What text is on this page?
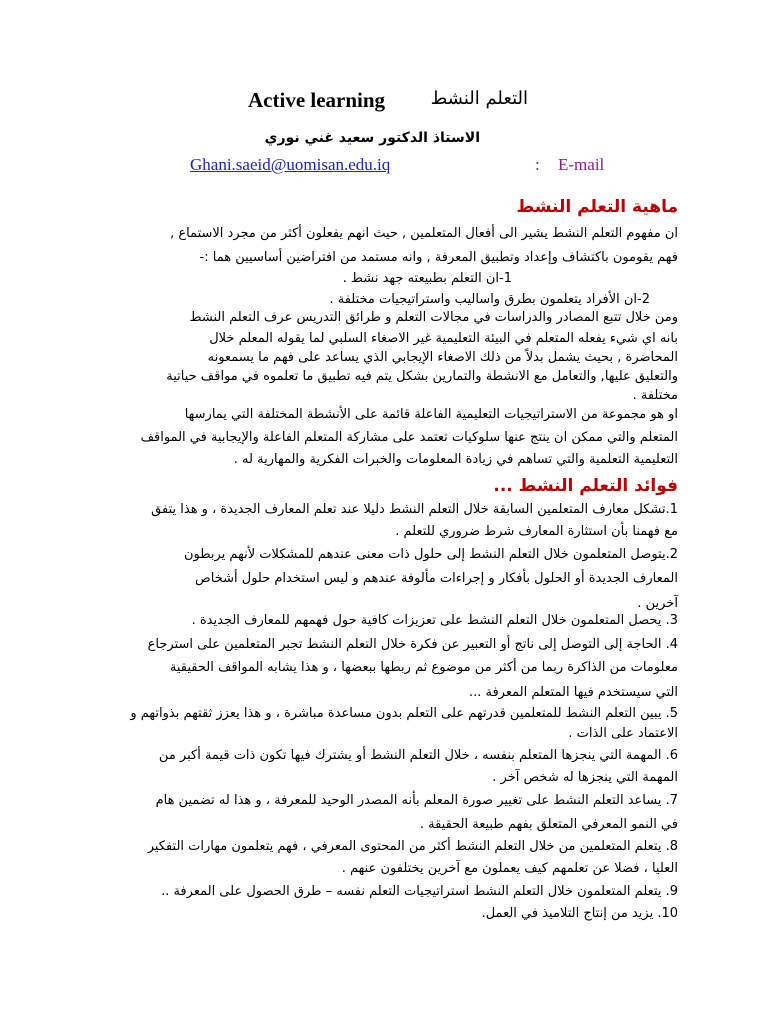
Active learning	التعلم النشط
الاستاذ الدكتور سعيد غني نوري
Ghani.saeid@uomisan.edu.iq	: E-mail
ماهية التعلم النشط
ان مفهوم التعلم النشط يشير الى أفعال المتعلمين , حيث انهم يفعلون أكثر من مجرد الاستماع ,
فهم يقومون باكتشاف وإعداد وتطبيق المعرفة , وانه مستمد من افتراضين أساسيين هما :-
1-ان التعلم بطبيعته جهد نشط .
2-ان الأفراد يتعلمون بطرق واساليب واستراتيجيات مختلفة .
ومن خلال تتبع المصادر والدراسات في مجالات التعلم و طرائق التدريس عرف التعلم النشط
بانه اي شيء يفعله المتعلم في البيئة التعليمية غير الاصغاء السلبي لما يقوله المعلم خلال
المحاضرة , بحيث يشمل بدلاً من ذلك الاصغاء الإيجابي الذي يساعد على فهم ما يسمعونه
والتعليق عليها, والتعامل مع الانشطة والتمارين بشكل يتم فيه تطبيق ما تعلموه في مواقف حياتية
مختلفة .
او هو مجموعة من الاستراتيجيات التعليمية الفاعلة قائمة على الأنشطة المختلفة التي يمارسها
المتعلم والتي ممكن ان ينتج عنها سلوكيات تعتمد على مشاركة المتعلم الفاعلة والإيجابية في المواقف
التعليمية التعلمية والتي تساهم في زيادة المعلومات والخبرات الفكرية والمهارية له .
فوائد التعلم النشط ...
1.تشكل معارف المتعلمين السابقة خلال التعلم النشط دليلا عند تعلم المعارف الجديدة ، و هذا يتفق
مع فهمنا بأن استثارة المعارف شرط ضروري للتعلم .
2.يتوصل المتعلمون خلال التعلم النشط إلى حلول ذات معنى عندهم للمشكلات لأنهم يربطون
المعارف الجديدة أو الحلول بأفكار و إجراءات مألوفة عندهم و ليس استخدام حلول أشخاص
آخرين .
3. يحصل المتعلمون خلال التعلم النشط على تعزيزات كافية حول فهمهم للمعارف الجديدة .
4. الحاجة إلى التوصل إلى ناتج أو التعبير عن فكرة خلال التعلم النشط تجبر المتعلمين على استرجاع
معلومات من الذاكرة ربما من أكثر من موضوع ثم ربطها ببعضها ، و هذا يشابه المواقف الحقيقية
التي سيستخدم فيها المتعلم المعرفة ...
5. يبين التعلم النشط للمتعلمين قدرتهم على التعلم بدون مساعدة مباشرة ، و هذا يعزز ثقتهم بذواتهم و
الاعتماد على الذات .
6. المهمة التي ينجزها المتعلم بنفسه ، خلال التعلم النشط أو يشترك فيها تكون ذات قيمة أكبر من
المهمة التي ينجزها له شخص آخر .
7. يساعد التعلم النشط على تغيير صورة المعلم بأنه المصدر الوحيد للمعرفة ، و هذا له تضمين هام
في النمو المعرفي المتعلق بفهم طبيعة الحقيقة .
8. يتعلم المتعلمين من خلال التعلم النشط أكثر من المحتوى المعرفي ، فهم يتعلمون مهارات التفكير
العليا ، فضلا عن تعلمهم كيف يعملون مع آخرين يختلفون عنهم .
9. يتعلم المتعلمون خلال التعلم النشط استراتيجيات التعلم نفسه – طرق الحصول على المعرفة ..
10. يزيد من إنتاج التلاميذ في العمل.
